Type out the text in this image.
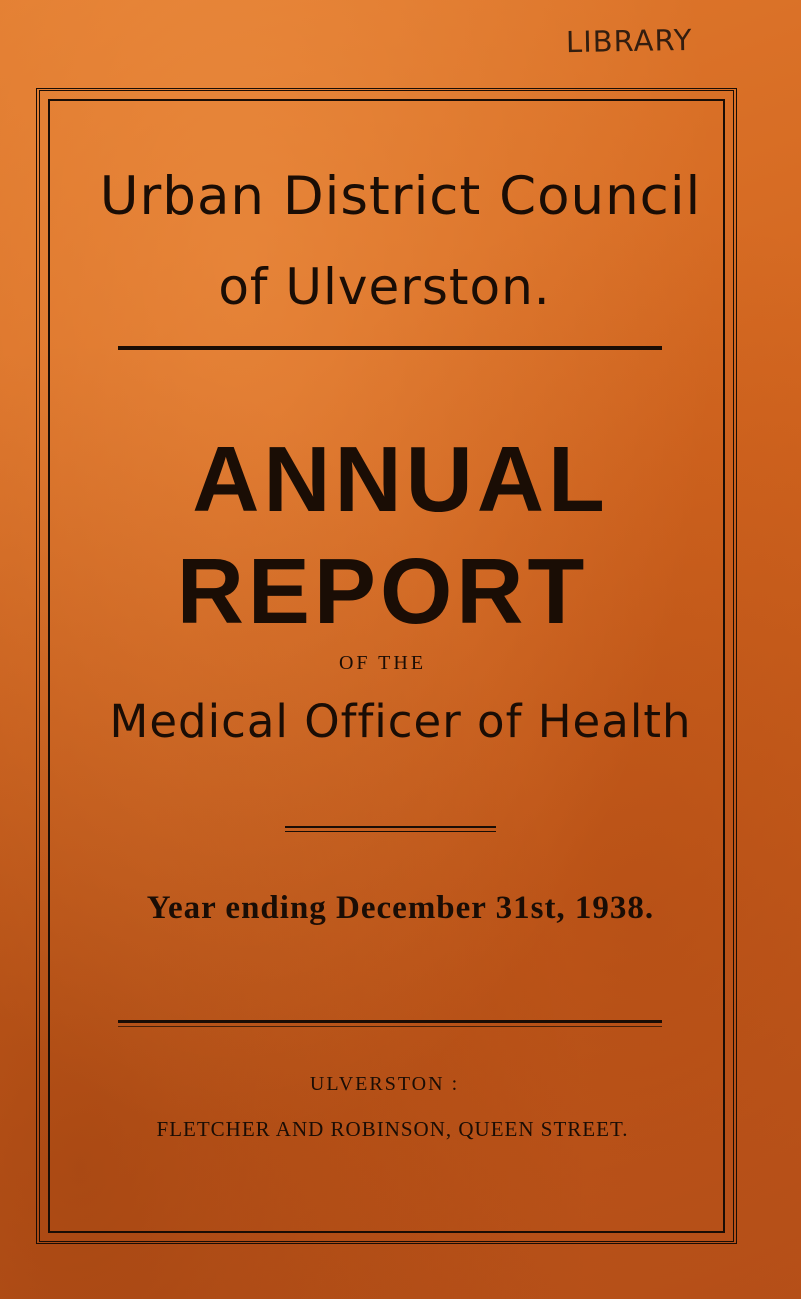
LIBRARY
Urban District Council
of Ulverston.
ANNUAL
REPORT
OF THE
Medical Officer of Health
Year ending December 31st, 1938.
ULVERSTON :
FLETCHER AND ROBINSON, QUEEN STREET.
